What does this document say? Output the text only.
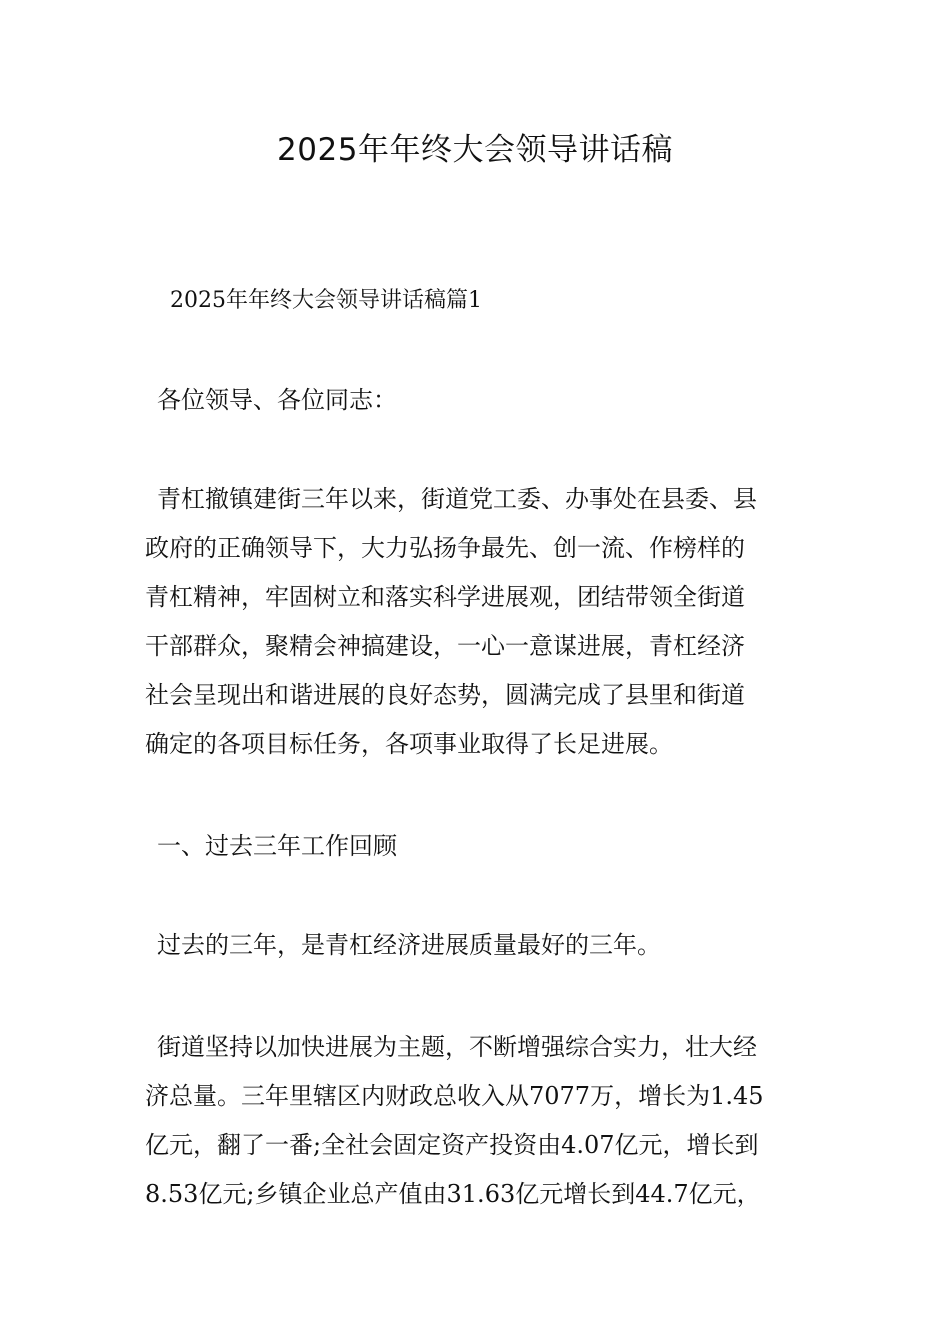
2025年年终大会领导讲话稿

2025年年终大会领导讲话稿篇1

各位领导、各位同志：

青杠撤镇建街三年以来，街道党工委、办事处在县委、县

政府的正确领导下，大力弘扬争最先、创一流、作榜样的

青杠精神，牢固树立和落实科学进展观，团结带领全街道

干部群众，聚精会神搞建设，一心一意谋进展，青杠经济

社会呈现出和谐进展的良好态势，圆满完成了县里和街道

确定的各项目标任务，各项事业取得了长足进展。

一、过去三年工作回顾

过去的三年，是青杠经济进展质量最好的三年。

街道坚持以加快进展为主题，不断增强综合实力，壮大经

济总量。三年里辖区内财政总收入从7077万，增长为1.45

亿元，翻了一番;全社会固定资产投资由4.07亿元，增长到

8.53亿元;乡镇企业总产值由31.63亿元增长到44.7亿元，
